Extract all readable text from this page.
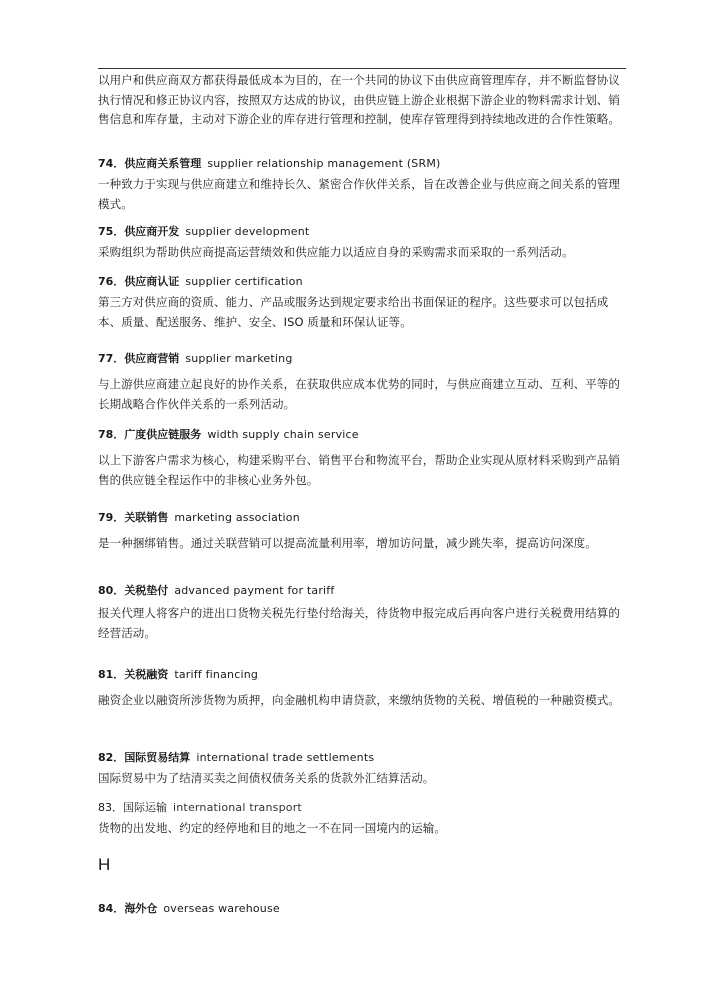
以用户和供应商双方都获得最低成本为目的，在一个共同的协议下由供应商管理库存，并不断监督协议执行情况和修正协议内容，按照双方达成的协议，由供应链上游企业根据下游企业的物料需求计划、销售信息和库存量，主动对下游企业的库存进行管理和控制，使库存管理得到持续地改进的合作性策略。

74．供应商关系管理 supplier relationship management (SRM)

一种致力于实现与供应商建立和维持长久、紧密合作伙伴关系，旨在改善企业与供应商之间关系的管理模式。

75．供应商开发 supplier development

采购组织为帮助供应商提高运营绩效和供应能力以适应自身的采购需求而采取的一系列活动。

76．供应商认证 supplier certification

第三方对供应商的资质、能力、产品或服务达到规定要求给出书面保证的程序。这些要求可以包括成本、质量、配送服务、维护、安全、ISO 质量和环保认证等。

77．供应商营销 supplier marketing

与上游供应商建立起良好的协作关系，在获取供应成本优势的同时，与供应商建立互动、互利、平等的长期战略合作伙伴关系的一系列活动。

78．广度供应链服务 width supply chain service

以上下游客户需求为核心，构建采购平台、销售平台和物流平台，帮助企业实现从原材料采购到产品销售的供应链全程运作中的非核心业务外包。

79．关联销售 marketing association

是一种捆绑销售。通过关联营销可以提高流量利用率，增加访问量，减少跳失率，提高访问深度。

80．关税垫付 advanced payment for tariff

报关代理人将客户的进出口货物关税先行垫付给海关，待货物申报完成后再向客户进行关税费用结算的经营活动。

81．关税融资 tariff financing

融资企业以融资所涉货物为质押，向金融机构申请贷款，来缴纳货物的关税、增值税的一种融资模式。

82．国际贸易结算 international trade settlements

国际贸易中为了结清买卖之间债权债务关系的货款外汇结算活动。

83．国际运输 international transport

货物的出发地、约定的经停地和目的地之一不在同一国境内的运输。

H

84．海外仓 overseas warehouse
